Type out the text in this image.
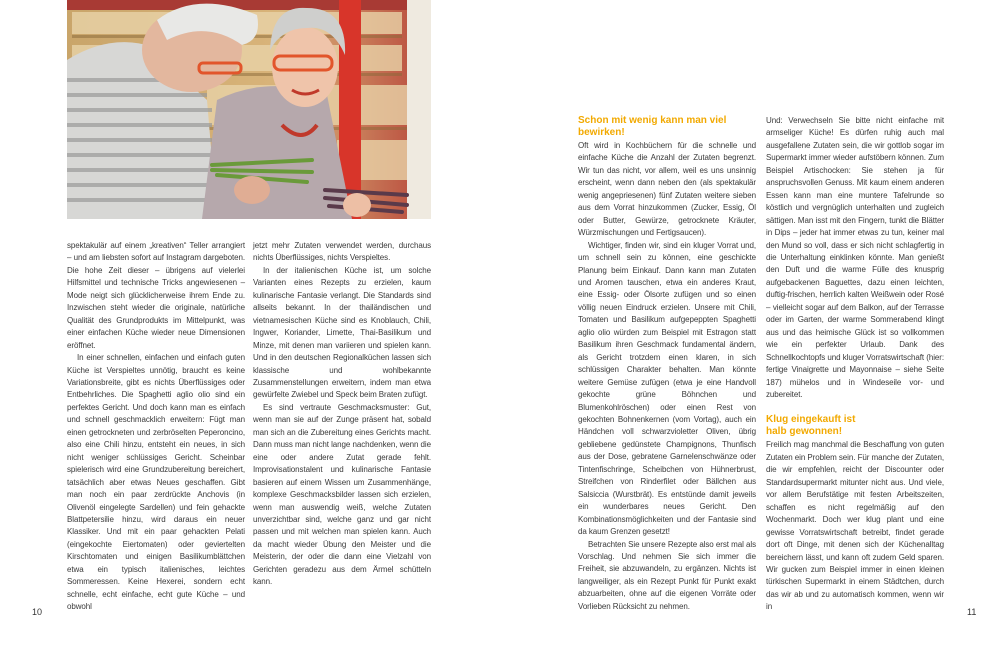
spektakulär auf einem „kreativen“ Teller arrangiert – und am liebsten sofort auf Instagram dargeboten. Die hohe Zeit dieser – übrigens auf vielerlei Hilfsmittel und technische Tricks angewiesenen – Mode neigt sich glücklicherweise ihrem Ende zu. Inzwischen steht wieder die originale, natürliche Qualität des Grundprodukts im Mittelpunkt, was einer einfachen Küche wieder neue Dimensionen eröffnet.

In einer schnellen, einfachen und einfach guten Küche ist Verspieltes unnötig, braucht es keine Variationsbreite, gibt es nichts Überflüssiges oder Entbehrliches. Die Spaghetti aglio olio sind ein perfektes Gericht. Und doch kann man es einfach und schnell geschmacklich erweitern: Fügt man einen getrockneten und zerbröselten Peperoncino, also eine Chili hinzu, entsteht ein neues, in sich nicht weniger schlüssiges Gericht. Scheinbar spielerisch wird eine Grundzubereitung bereichert, tatsächlich aber etwas Neues geschaffen. Gibt man noch ein paar zerdrückte Anchovis (in Olivenöl eingelegte Sardellen) und fein gehackte Blattpetersilie hinzu, wird daraus ein neuer Klassiker. Und mit ein paar gehackten Pelati (eingekochte Eiertomaten) oder geviertelten Kirschtomaten und einigen Basilikumblättchen etwa ein typisch italienisches, leichtes Sommeressen. Keine Hexerei, sondern echt schnelle, echt einfache, echt gute Küche – und obwohl

jetzt mehr Zutaten verwendet werden, durchaus nichts Überflüssiges, nichts Verspieltes.

In der italienischen Küche ist, um solche Varianten eines Rezepts zu erzielen, kaum kulinarische Fantasie verlangt. Die Standards sind allseits bekannt. In der thailändischen und vietnamesischen Küche sind es Knoblauch, Chili, Ingwer, Koriander, Limette, Thai-Basilikum und Minze, mit denen man variieren und spielen kann. Und in den deutschen Regionalküchen lassen sich klassische und wohlbekannte Zusammenstellungen erweitern, indem man etwa gewürfelte Zwiebel und Speck beim Braten zufügt.

Es sind vertraute Geschmacksmuster: Gut, wenn man sie auf der Zunge präsent hat, sobald man sich an die Zubereitung eines Gerichts macht. Dann muss man nicht lange nachdenken, wenn die eine oder andere Zutat gerade fehlt. Improvisationstalent und kulinarische Fantasie basieren auf einem Wissen um Zusammenhänge, komplexe Geschmacksbilder lassen sich erzielen, wenn man auswendig weiß, welche Zutaten unverzichtbar sind, welche ganz und gar nicht passen und mit welchen man spielen kann. Auch da macht wieder Übung den Meister und die Meisterin, der oder die dann eine Vielzahl von Gerichten geradezu aus dem Ärmel schütteln kann.

10
Schon mit wenig kann man viel bewirken!

Oft wird in Kochbüchern für die schnelle und einfache Küche die Anzahl der Zutaten begrenzt. Wir tun das nicht, vor allem, weil es uns unsinnig erscheint, wenn dann neben den (als spektakulär wenig angepriesenen) fünf Zutaten weitere sieben aus dem Vorrat hinzukommen (Zucker, Essig, Öl oder Butter, Gewürze, getrocknete Kräuter, Würzmischungen und Fertigsaucen).

Wichtiger, finden wir, sind ein kluger Vorrat und, um schnell sein zu können, eine geschickte Planung beim Einkauf. Dann kann man Zutaten und Aromen tauschen, etwa ein anderes Kraut, eine Essig- oder Ölsorte zufügen und so einen völlig neuen Eindruck erzielen. Unsere mit Chili, Tomaten und Basilikum aufgepeppten Spaghetti aglio olio würden zum Beispiel mit Estragon statt Basilikum ihren Geschmack fundamental ändern, als Gericht trotzdem einen klaren, in sich schlüssigen Charakter behalten. Man könnte weitere Gemüse zufügen (etwa je eine Handvoll gekochte grüne Böhnchen und Blumenkohlröschen) oder einen Rest von gekochten Bohnenkernen (vom Vortag), auch ein Händchen voll schwarzvioletter Oliven, übrig gebliebene gedünstete Champignons, Thunfisch aus der Dose, gebratene Garnelenschwänze oder Tintenfischringe, Scheibchen von Hühnerbrust, Streifchen von Rinderfilet oder Bällchen aus Salsiccia (Wurstbrät). Es entstünde damit jeweils ein wunderbares neues Gericht. Den Kombinationsmöglichkeiten und der Fantasie sind da kaum Grenzen gesetzt!

Betrachten Sie unsere Rezepte also erst mal als Vorschlag. Und nehmen Sie sich immer die Freiheit, sie abzuwandeln, zu ergänzen. Nichts ist langweiliger, als ein Rezept Punkt für Punkt exakt abzuarbeiten, ohne auf die eigenen Vorräte oder Vorlieben Rücksicht zu nehmen.

Und: Verwechseln Sie bitte nicht einfache mit armseliger Küche! Es dürfen ruhig auch mal ausgefallene Zutaten sein, die wir gottlob sogar im Supermarkt immer wieder aufstöbern können. Zum Beispiel Artischocken: Sie stehen ja für anspruchsvollen Genuss. Mit kaum einem anderen Essen kann man eine muntere Tafelrunde so köstlich und vergnüglich unterhalten und zugleich sättigen. Man isst mit den Fingern, tunkt die Blätter in Dips – jeder hat immer etwas zu tun, keiner mal den Mund so voll, dass er sich nicht schlagfertig in die Unterhaltung einklinken könnte. Man genießt den Duft und die warme Fülle des knusprig aufgebackenen Baguettes, dazu einen leichten, duftig-frischen, herrlich kalten Weißwein oder Rosé – vielleicht sogar auf dem Balkon, auf der Terrasse oder im Garten, der warme Sommerabend klingt aus und das heimische Glück ist so vollkommen wie ein perfekter Urlaub. Dank des Schnellkochtopfs und kluger Vorratswirtschaft (hier: fertige Vinaigrette und Mayonnaise – siehe Seite 187) mühelos und in Windeseile vor- und zubereitet.

Klug eingekauft ist halb gewonnen!

Freilich mag manchmal die Beschaffung von guten Zutaten ein Problem sein. Für manche der Zutaten, die wir empfehlen, reicht der Discounter oder Standardsupermarkt mitunter nicht aus. Und viele, vor allem Berufstätige mit festen Arbeitszeiten, schaffen es nicht regelmäßig auf den Wochenmarkt. Doch wer klug plant und eine gewisse Vorratswirtschaft betreibt, findet gerade dort oft Dinge, mit denen sich der Küchenalltag bereichern lässt, und kann oft zudem Geld sparen. Wir gucken zum Beispiel immer in einen kleinen türkischen Supermarkt in einem Städtchen, durch das wir ab und zu automatisch kommen, wenn wir in

11
